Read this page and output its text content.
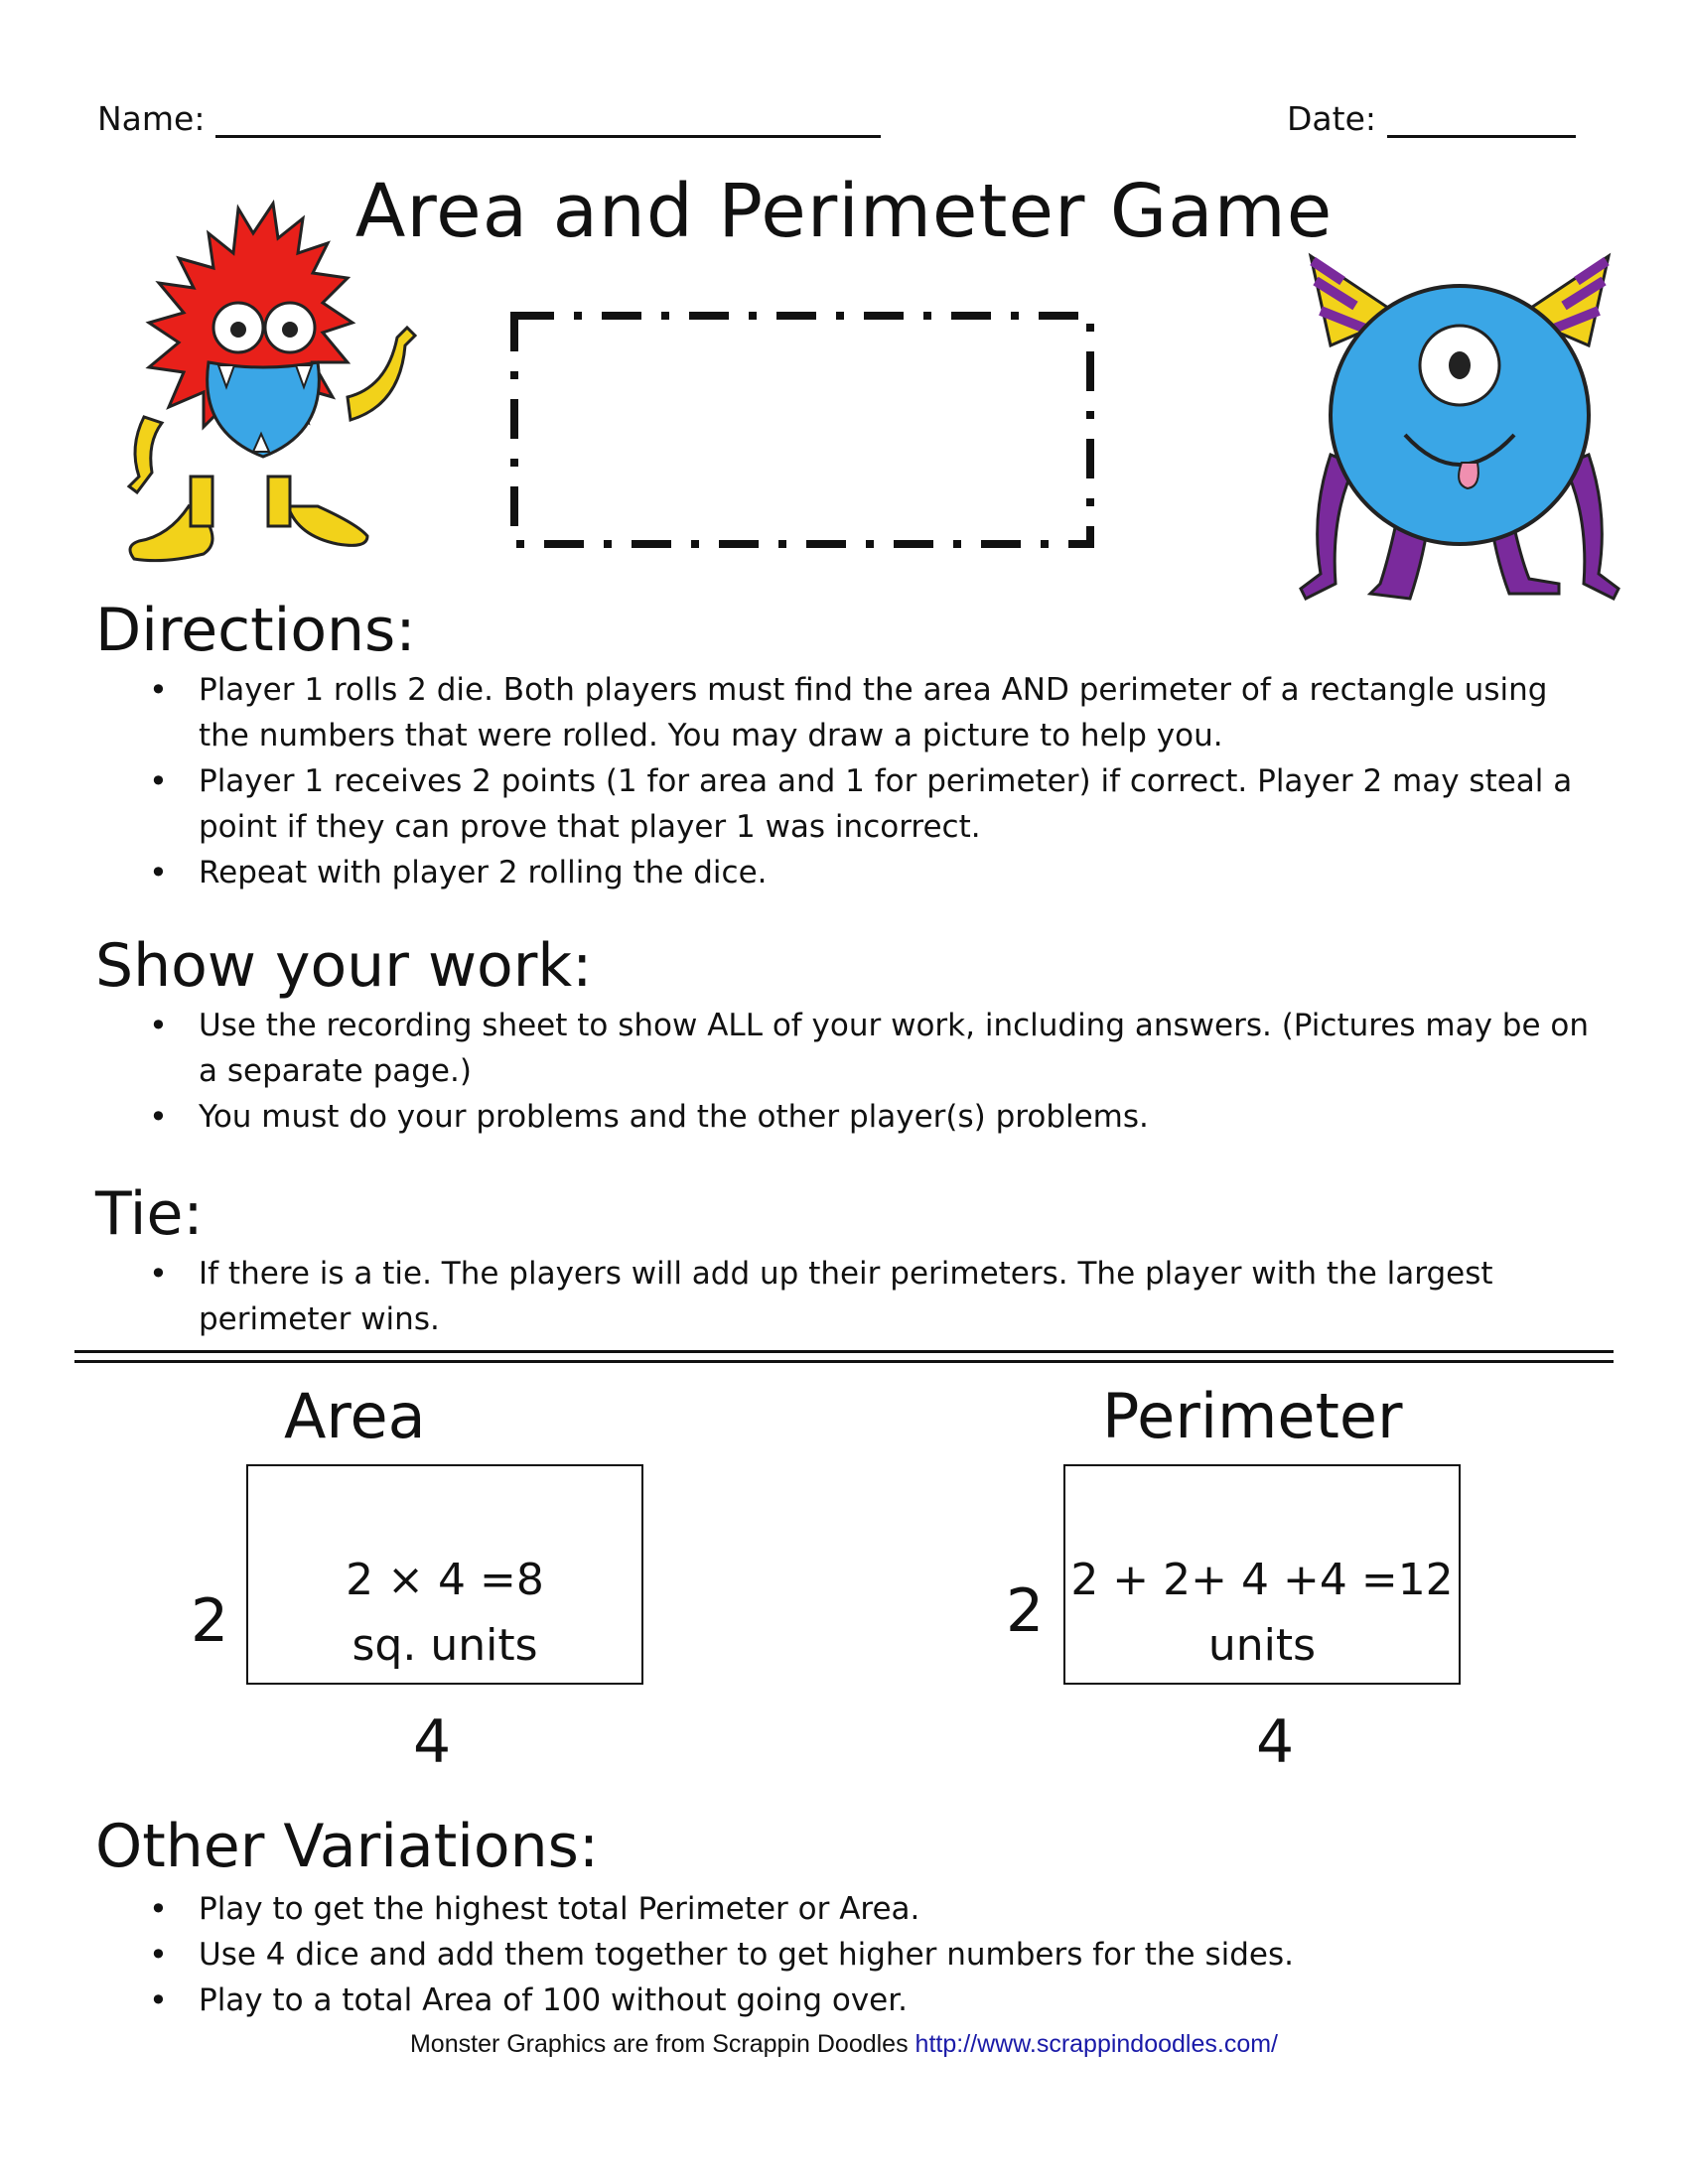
Name:	Date:
Area and Perimeter Game
Directions:
• Player 1 rolls 2 die. Both players must find the area AND perimeter of a rectangle using the numbers that were rolled. You may draw a picture to help you.
• Player 1 receives 2 points (1 for area and 1 for perimeter) if correct. Player 2 may steal a point if they can prove that player 1 was incorrect.
• Repeat with player 2 rolling the dice.
Show your work:
• Use the recording sheet to show ALL of your work, including answers. (Pictures may be on a separate page.)
• You must do your problems and the other player(s) problems.
Tie:
• If there is a tie. The players will add up their perimeters. The player with the largest perimeter wins.
Area
2 × 4 =8
sq. units
2
4
Perimeter
2 + 2+ 4 +4 =12
units
2
4
Other Variations:
• Play to get the highest total Perimeter or Area.
• Use 4 dice and add them together to get higher numbers for the sides.
• Play to a total Area of 100 without going over.
Monster Graphics are from Scrappin Doodles http://www.scrappindoodles.com/
